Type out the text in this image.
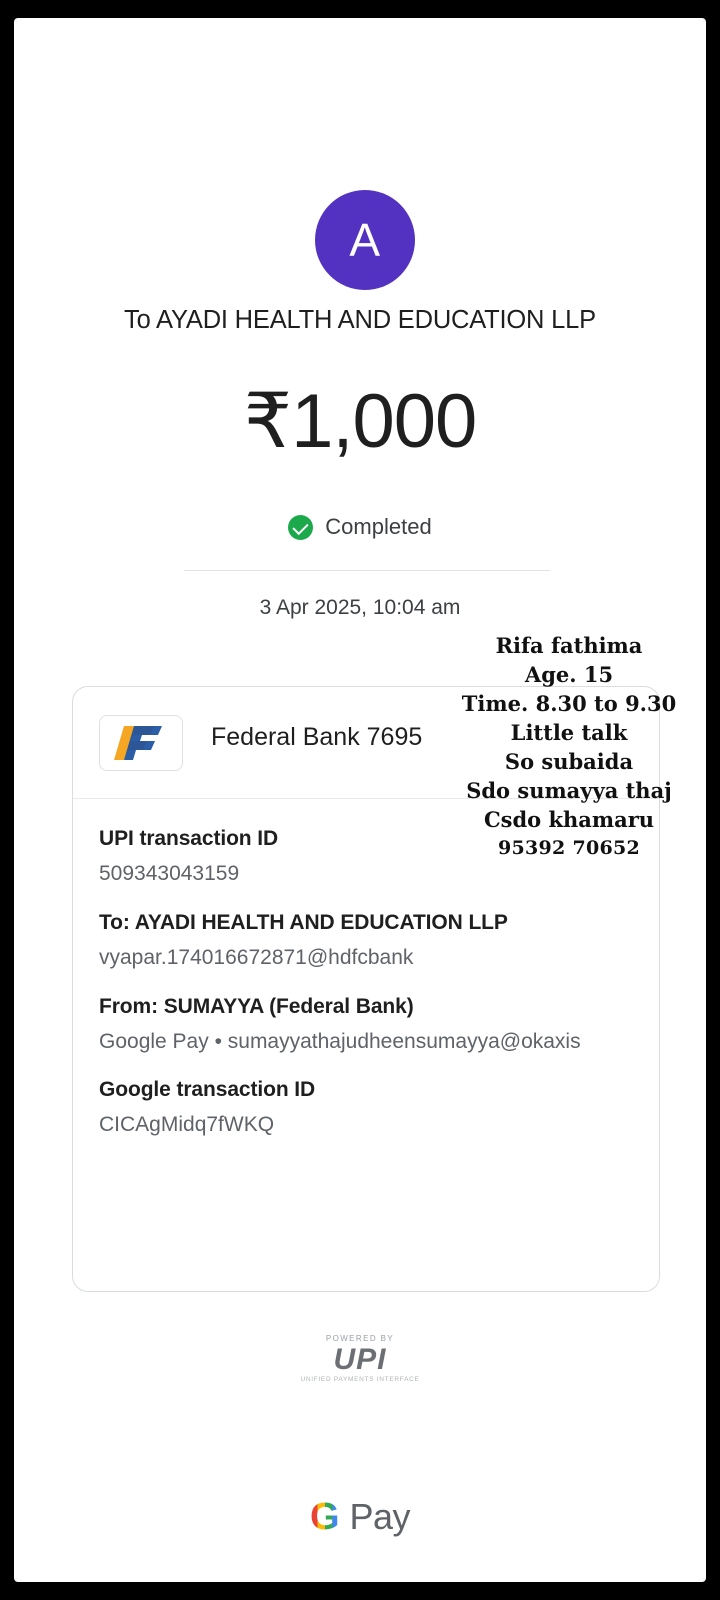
A
To AYADI HEALTH AND EDUCATION LLP
₹1,000
Completed
3 Apr 2025, 10:04 am
Federal Bank 7695
UPI transaction ID
509343043159
To: AYADI HEALTH AND EDUCATION LLP
vyapar.174016672871@hdfcbank
From: SUMAYYA (Federal Bank)
Google Pay • sumayyathajudheensumayya@okaxis
Google transaction ID
CICAgMidq7fWKQ
POWERED BY
UPI
UNIFIED PAYMENTS INTERFACE
G Pay
Rifa fathima
Age. 15
Time. 8.30 to 9.30
Little talk
So subaida
Sdo sumayya thaj
Csdo khamaru
95392 70652
